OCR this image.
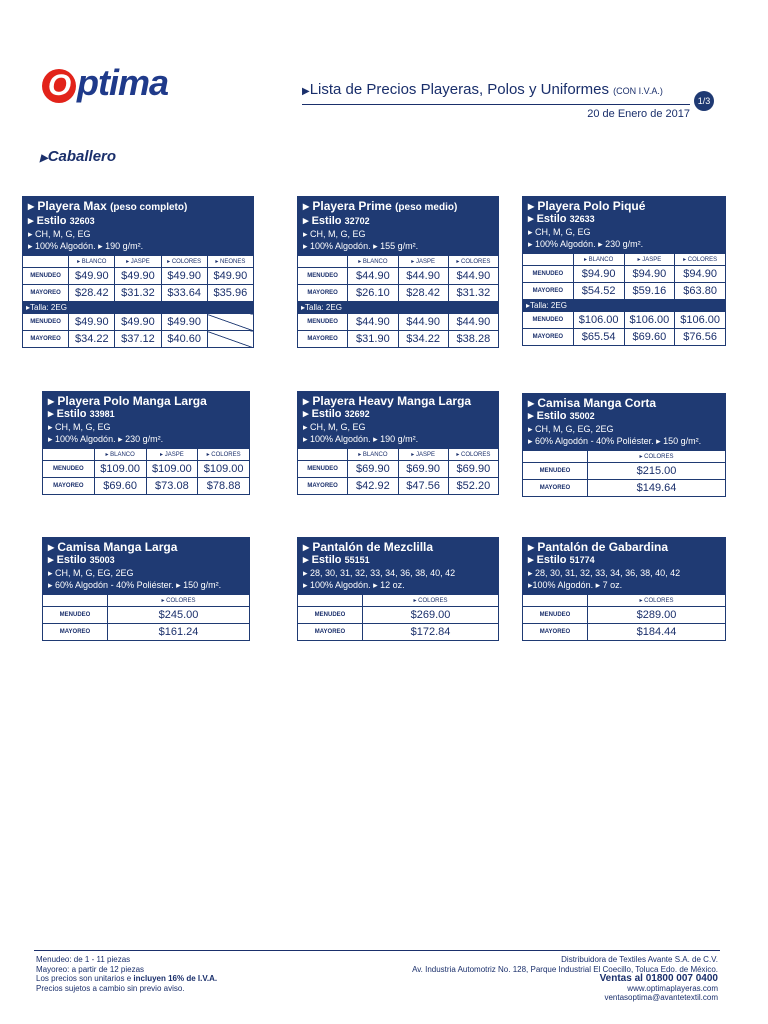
O ptima	▶Lista de Precios Playeras, Polos y Uniformes (CON I.V.A.)
1/3
20 de Enero de 2017
▶Caballero
▸ Playera Max (peso completo)
▸ Estilo 32603
▸ CH, M, G, EG
▸ 100% Algodón. ▸ 190 g/m².
	▸ BLANCO	▸ JASPE	▸ COLORES	▸ NEONES
MENUDEO	$49.90	$49.90	$49.90	$49.90
MAYOREO	$28.42	$31.32	$33.64	$35.96
▸Talla: 2EG				
MENUDEO	$49.90	$49.90	$49.90	
MAYOREO	$34.22	$37.12	$40.60	
▸ Playera Prime (peso medio)
▸ Estilo 32702
▸ CH, M, G, EG
▸ 100% Algodón. ▸ 155 g/m².
	▸ BLANCO	▸ JASPE	▸ COLORES
MENUDEO	$44.90	$44.90	$44.90
MAYOREO	$26.10	$28.42	$31.32
▸Talla: 2EG			
MENUDEO	$44.90	$44.90	$44.90
MAYOREO	$31.90	$34.22	$38.28
▸ Playera Polo Piqué
▸ Estilo 32633
▸ CH, M, G, EG
▸ 100% Algodón. ▸ 230 g/m².
	▸ BLANCO	▸ JASPE	▸ COLORES
MENUDEO	$94.90	$94.90	$94.90
MAYOREO	$54.52	$59.16	$63.80
▸Talla: 2EG			
MENUDEO	$106.00	$106.00	$106.00
MAYOREO	$65.54	$69.60	$76.56
▸ Playera Polo Manga Larga
▸ Estilo 33981
▸ CH, M, G, EG
▸ 100% Algodón. ▸ 230 g/m².
	▸ BLANCO	▸ JASPE	▸ COLORES
MENUDEO	$109.00	$109.00	$109.00
MAYOREO	$69.60	$73.08	$78.88
▸ Playera Heavy Manga Larga
▸ Estilo 32692
▸ CH, M, G, EG
▸ 100% Algodón. ▸ 190 g/m².
	▸ BLANCO	▸ JASPE	▸ COLORES
MENUDEO	$69.90	$69.90	$69.90
MAYOREO	$42.92	$47.56	$52.20
▸ Camisa Manga Corta
▸ Estilo 35002
▸ CH, M, G, EG, 2EG
▸ 60% Algodón - 40% Poliéster. ▸ 150 g/m².
	▸ COLORES
MENUDEO	$215.00
MAYOREO	$149.64
▸ Camisa Manga Larga
▸ Estilo 35003
▸ CH, M, G, EG, 2EG
▸ 60% Algodón - 40% Poliéster. ▸ 150 g/m².
	▸ COLORES
MENUDEO	$245.00
MAYOREO	$161.24
▸ Pantalón de Mezclilla
▸ Estilo 55151
▸ 28, 30, 31, 32, 33, 34, 36, 38, 40, 42
▸ 100% Algodón. ▸ 12 oz.
	▸ COLORES
MENUDEO	$269.00
MAYOREO	$172.84
▸ Pantalón de Gabardina
▸ Estilo 51774
▸ 28, 30, 31, 32, 33, 34, 36, 38, 40, 42
▸100% Algodón. ▸ 7 oz.
	▸ COLORES
MENUDEO	$289.00
MAYOREO	$184.44
Menudeo: de 1 - 11 piezas
Mayoreo: a partir de 12 piezas
Los precios son unitarios e incluyen 16% de I.V.A.
Precios sujetos a cambio sin previo aviso.
Distribuidora de Textiles Avante S.A. de C.V.
Av. Industria Automotriz No. 128, Parque Industrial El Coecillo, Toluca Edo. de México.
Ventas al 01800 007 0400
www.optimaplayeras.com
ventasoptima@avantetextil.com
